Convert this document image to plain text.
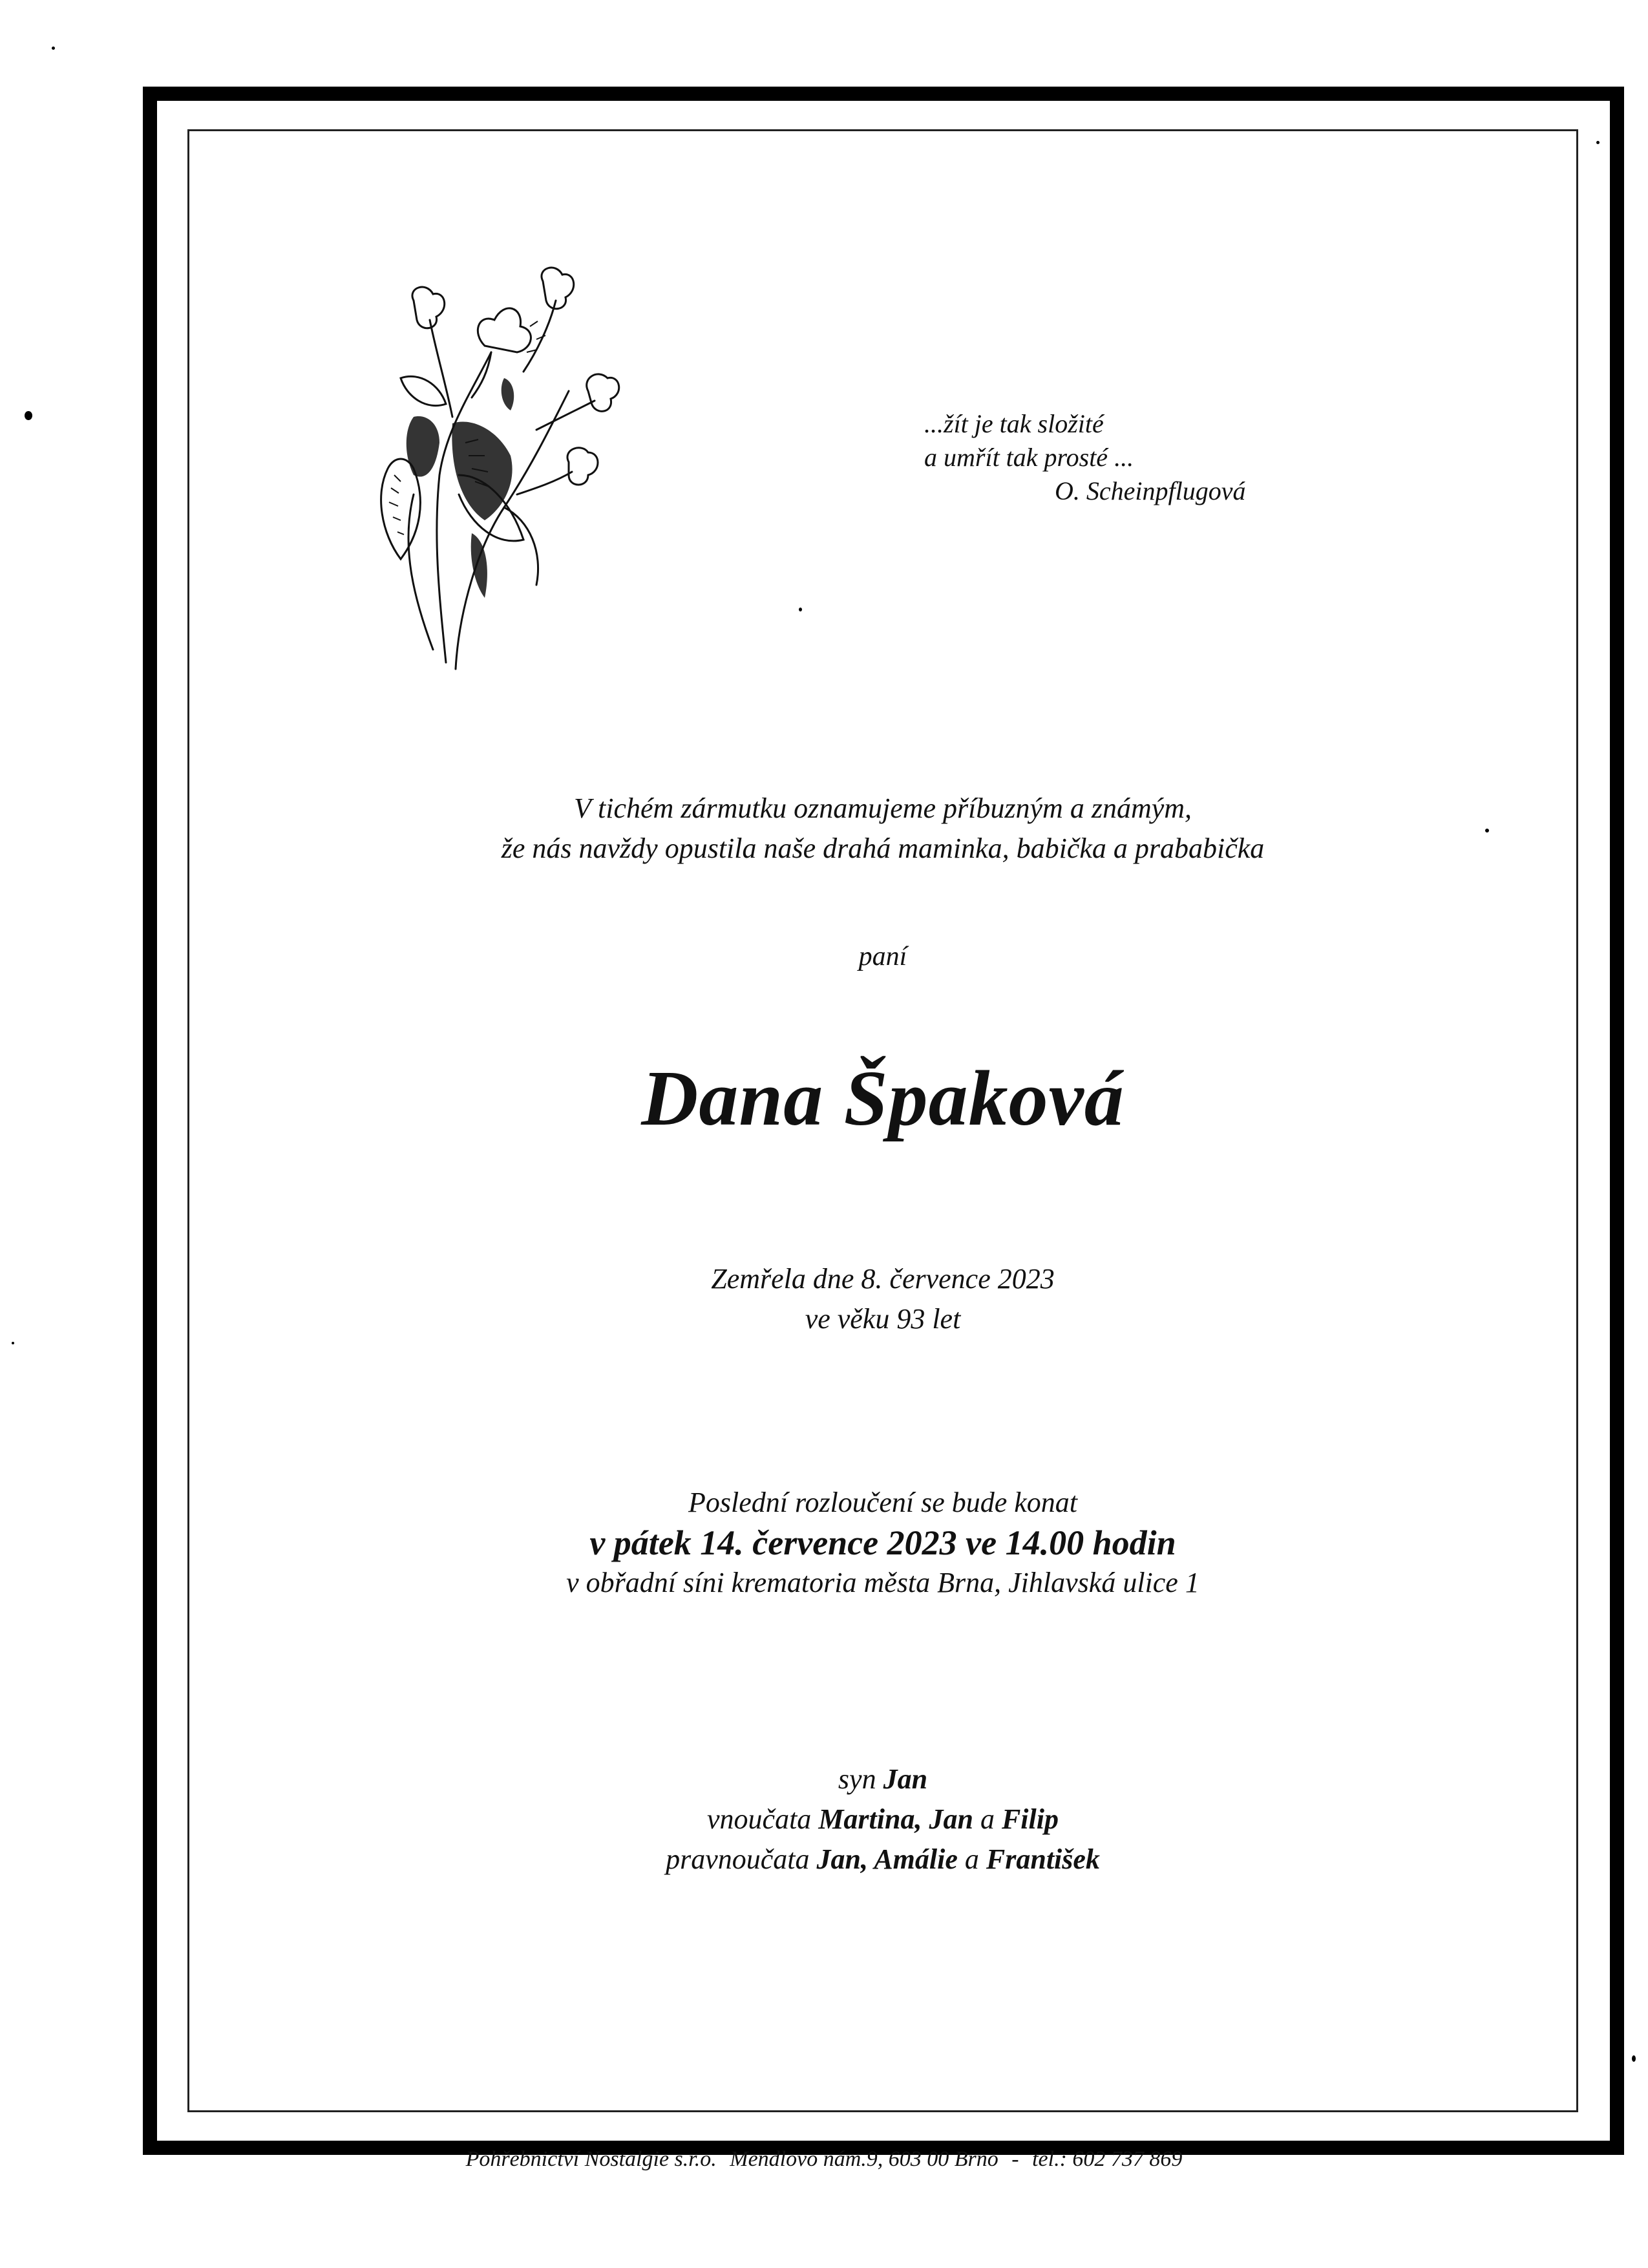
...žít je tak složité
a umřít tak prosté ...
O. Scheinpflugová
V tichém zármutku oznamujeme příbuzným a známým,
že nás navždy opustila naše drahá maminka, babička a prababička
paní
Dana Špaková
Zemřela dne 8. července 2023
ve věku 93 let
Poslední rozloučení se bude konat
v pátek 14. července 2023 ve 14.00 hodin
v obřadní síni krematoria města Brna, Jihlavská ulice 1
syn Jan
vnoučata Martina, Jan a Filip
pravnoučata Jan, Amálie a František
Pohřebnictví Nostalgie s.r.o. Mendlovo nám.9, 603 00 Brno - tel.: 602 737 869
